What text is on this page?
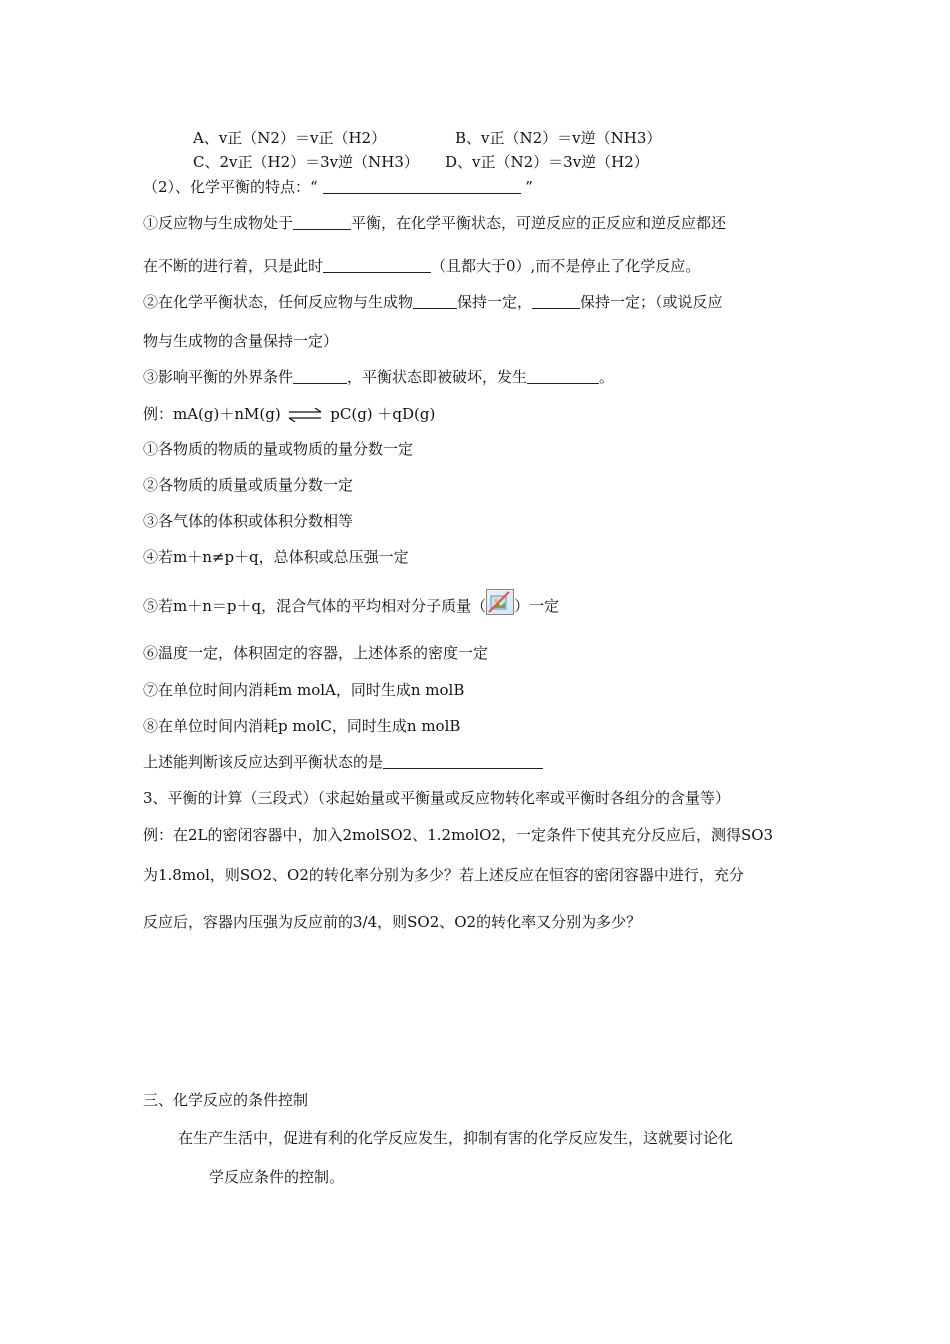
A、v正（N2）＝v正（H2）	B、v正（N2）＝v逆（NH3）
C、2v正（H2）＝3v逆（NH3） D、v正（N2）＝3v逆（H2）
（2）、化学平衡的特点：“	”
①反应物与生成物处于	平衡，在化学平衡状态，可逆反应的正反应和逆反应都还
在不断的进行着，只是此时	（且都大于0）,而不是停止了化学反应。
②在化学平衡状态，任何反应物与生成物	保持一定，	保持一定；（或说反应
物与生成物的含量保持一定）
③影响平衡的外界条件	，平衡状态即被破坏，发生	。
例：mA(g)＋nM(g) ⇌ pC(g) ＋qD(g)
①各物质的物质的量或物质的量分数一定
②各物质的质量或质量分数一定
③各气体的体积或体积分数相等
④若m＋n≠p＋q，总体积或总压强一定
⑤若m＋n＝p＋q，混合气体的平均相对分子质量（ ）一定
⑥温度一定，体积固定的容器，上述体系的密度一定
⑦在单位时间内消耗m molA，同时生成n molB
⑧在单位时间内消耗p molC，同时生成n molB
上述能判断该反应达到平衡状态的是
3、平衡的计算（三段式）（求起始量或平衡量或反应物转化率或平衡时各组分的含量等）
例：在2L的密闭容器中，加入2molSO2、1.2molO2，一定条件下使其充分反应后，测得SO3
为1.8mol，则SO2、O2的转化率分别为多少？若上述反应在恒容的密闭容器中进行，充分
反应后，容器内压强为反应前的3/4，则SO2、O2的转化率又分别为多少？
三、化学反应的条件控制
在生产生活中，促进有利的化学反应发生，抑制有害的化学反应发生，这就要讨论化
学反应条件的控制。
